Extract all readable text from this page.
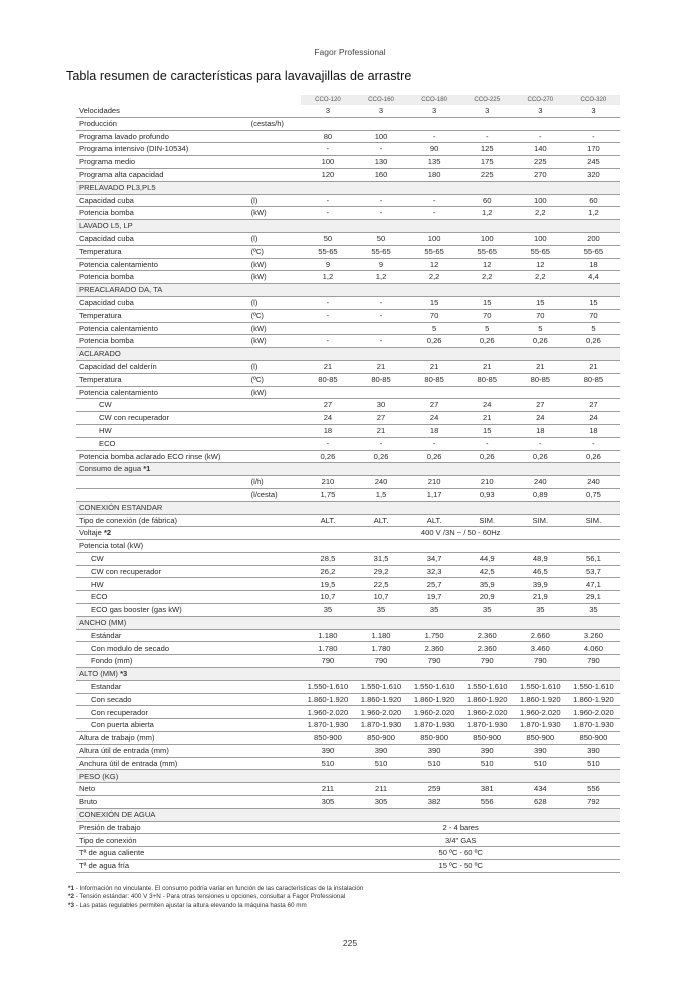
Fagor Professional
Tabla resumen de características para lavavajillas de arrastre
		CCO-120	CCO-160	CCO-180	CCO-225	CCO-270	CCO-320
Velocidades		3	3	3	3	3	3
Producción	(cestas/h)						
Programa lavado profundo		80	100	-	-	-	-
Programa intensivo (DIN-10534)		-	-	90	125	140	170
Programa medio		100	130	135	175	225	245
Programa alta capacidad		120	160	180	225	270	320
PRELAVADO PL3,PL5							
Capacidad cuba	(l)	-	-	-	60	100	60
Potencia bomba	(kW)	-	-	-	1,2	2,2	1,2
LAVADO L5, LP							
Capacidad cuba	(l)	50	50	100	100	100	200
Temperatura	(ºC)	55-65	55-65	55-65	55-65	55-65	55-65
Potencia calentamiento	(kW)	9	9	12	12	12	18
Potencia bomba	(kW)	1,2	1,2	2,2	2,2	2,2	4,4
PREACLARADO DA, TA							
Capacidad cuba	(l)	-	-	15	15	15	15
Temperatura	(ºC)	-	-	70	70	70	70
Potencia calentamiento	(kW)			5	5	5	5
Potencia bomba	(kW)	-	-	0,26	0,26	0,26	0,26
ACLARADO							
Capacidad del calderín	(l)	21	21	21	21	21	21
Temperatura	(ºC)	80-85	80-85	80-85	80-85	80-85	80-85
Potencia calentamiento	(kW)						
CW		27	30	27	24	27	27
CW con recuperador		24	27	24	21	24	24
HW		18	21	18	15	18	18
ECO		-	-	-	-	-	-
Potencia bomba aclarado ECO rinse (kW)		0,26	0,26	0,26	0,26	0,26	0,26
Consumo de agua *1							
	(l/h)	210	240	210	210	240	240
	(l/cesta)	1,75	1,5	1,17	0,93	0,89	0,75
CONEXIÓN ESTANDAR							
Tipo de conexión (de fábrica)		ALT.	ALT.	ALT.	SIM.	SIM.	SIM.
Voltaje *2		400 V /3N ~ / 50 - 60Hz					
Potencia total (kW)							
CW		28,5	31,5	34,7	44,9	48,9	56,1
CW con recuperador		26,2	29,2	32,3	42,5	46,5	53,7
HW		19,5	22,5	25,7	35,9	39,9	47,1
ECO		10,7	10,7	19,7	20,9	21,9	29,1
ECO gas booster (gas kW)		35	35	35	35	35	35
ANCHO (MM)							
Estándar		1.180	1.180	1.750	2.360	2.660	3.260
Con modulo de secado		1.780	1.780	2.360	2.360	3.460	4.060
Fondo (mm)		790	790	790	790	790	790
ALTO (MM) *3							
Estandar		1.550-1.610	1.550-1.610	1.550-1.610	1.550-1.610	1.550-1.610	1.550-1.610
Con secado		1.860-1.920	1.860-1.920	1.860-1.920	1.860-1.920	1.860-1.920	1.860-1.920
Con recuperador		1.960-2.020	1.960-2.020	1.960-2.020	1.960-2.020	1.960-2.020	1.960-2.020
Con puerta abierta		1.870-1.930	1.870-1.930	1.870-1.930	1.870-1.930	1.870-1.930	1.870-1.930
Altura de trabajo (mm)		850-900	850-900	850-900	850-900	850-900	850-900
Altura útil de entrada (mm)		390	390	390	390	390	390
Anchura útil de entrada (mm)		510	510	510	510	510	510
PESO (KG)							
Neto		211	211	259	381	434	556
Bruto		305	305	382	556	628	792
CONEXIÓN DE AGUA							
Presión de trabajo		2 - 4 bares					
Tipo de conexión		3/4" GAS					
Tª de agua caliente		50 ºC - 60 ºC					
Tª de agua fría		15 ºC - 50 ºC					
*1 - Información no vinculante. El consumo podría variar en función de las características de la instalación
*2 - Tensión estándar: 400 V 3+N - Para otras tensiones u opciones, consultar a Fagor Professional
*3 - Las patas regulables permiten ajustar la altura elevando la máquina hasta 60 mm
225
